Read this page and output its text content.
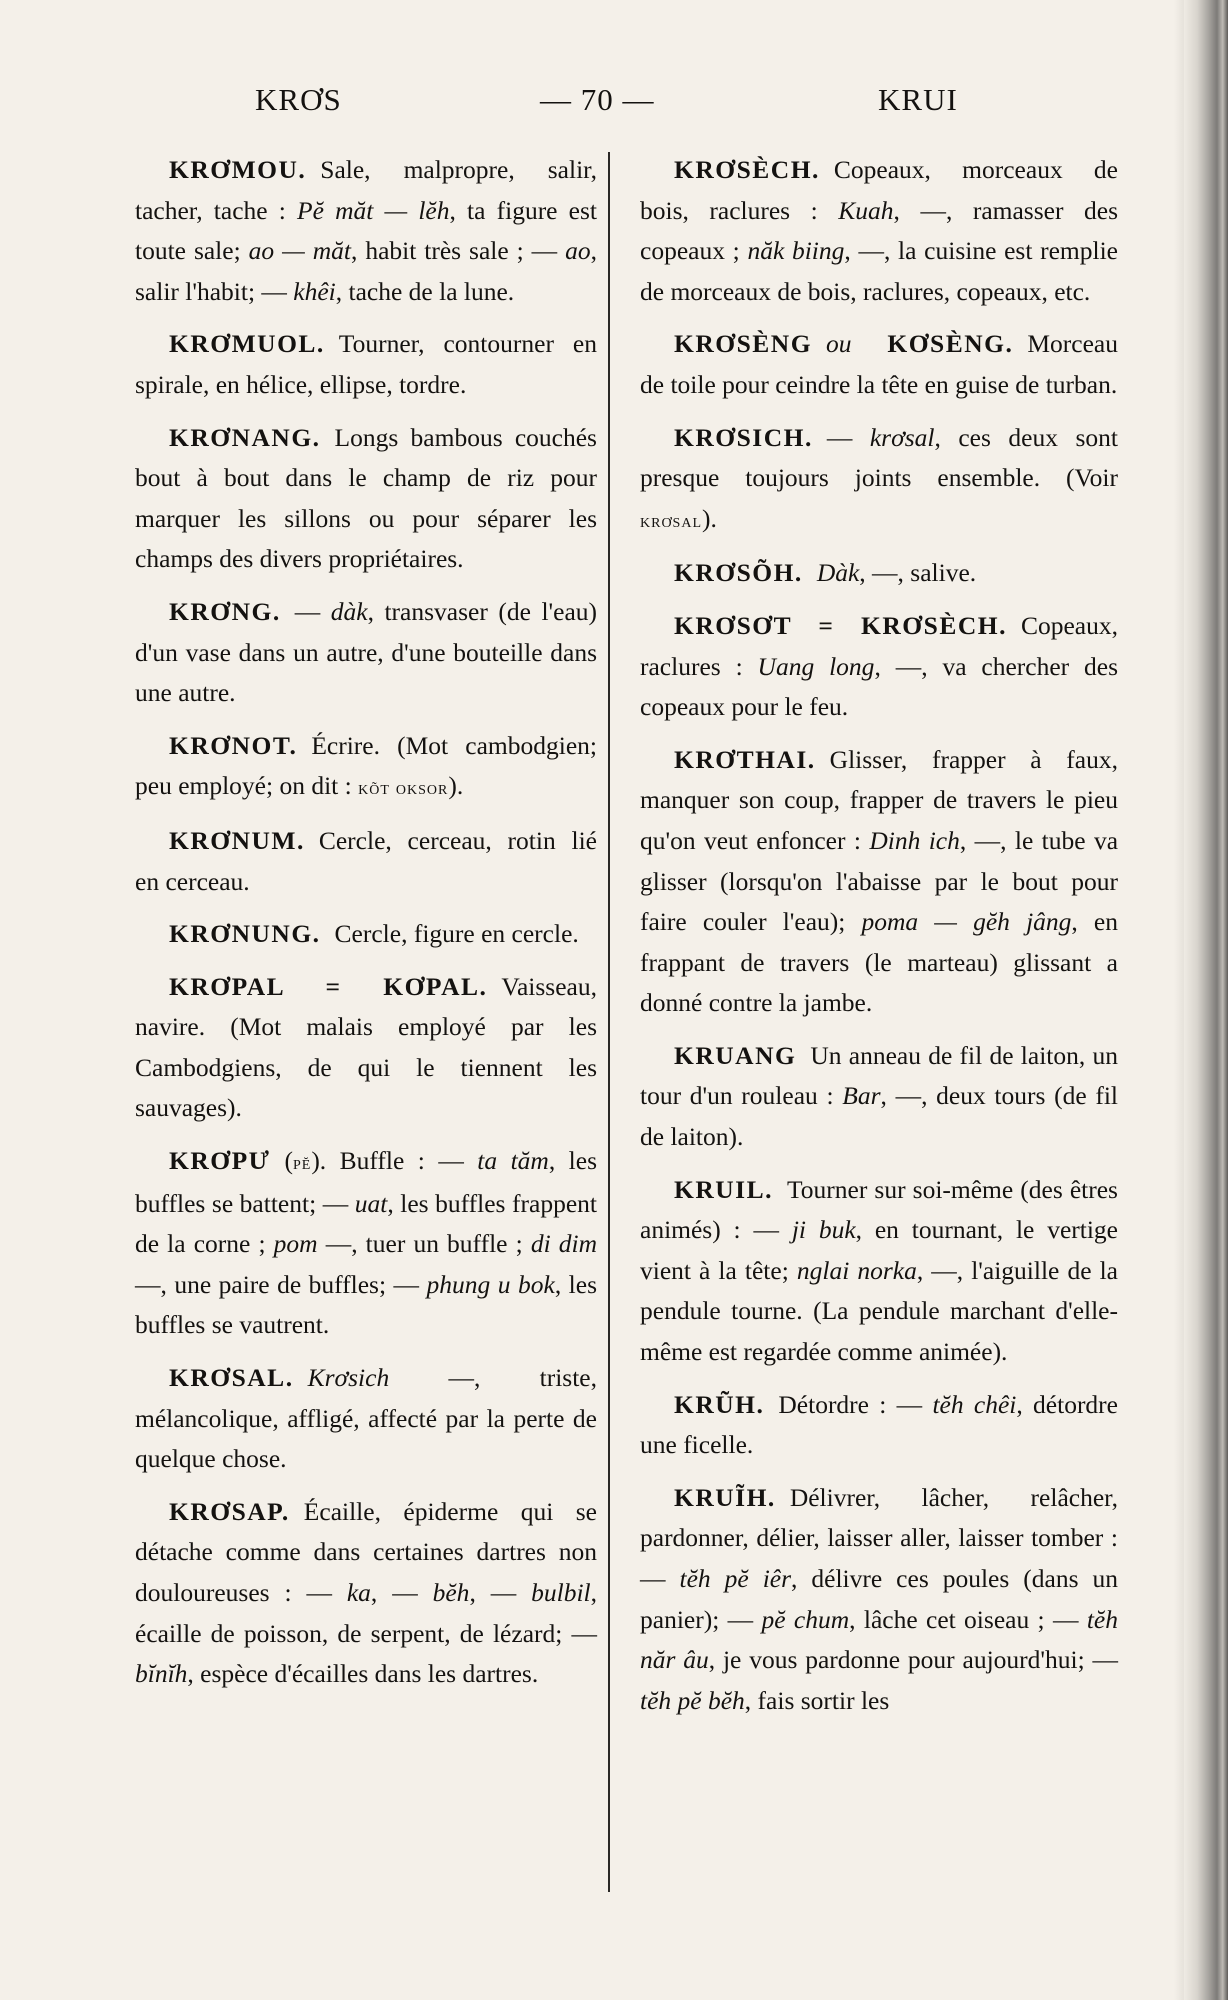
KRƠS	— 70 —	KRUI

KRƠMOU. Sale, malpropre, salir, tacher, tache : Pĕ măt — lĕh, ta figure est toute sale; ao — măt, habit très sale ; — ao, salir l'habit; — khêi, tache de la lune.

KRƠMUOL. Tourner, contourner en spirale, en hélice, ellipse, tordre.

KRƠNANG. Longs bambous couchés bout à bout dans le champ de riz pour marquer les sillons ou pour séparer les champs des divers propriétaires.

KRƠNG. — dàk, transvaser (de l'eau) d'un vase dans un autre, d'une bouteille dans une autre.

KRƠNOT. Écrire. (Mot cambodgien; peu employé; on dit : kõt oksor).

KRƠNUM. Cercle, cerceau, rotin lié en cerceau.

KRƠNUNG. Cercle, figure en cercle.

KRƠPAL = KƠPAL. Vaisseau, navire. (Mot malais employé par les Cambodgiens, de qui le tiennent les sauvages).

KRƠPƯ (pĕ). Buffle : — ta tăm, les buffles se battent; — uat, les buffles frappent de la corne ; pom —, tuer un buffle ; di dim —, une paire de buffles; — phung u bok, les buffles se vautrent.

KRƠSAL. Krơsich —, triste, mélancolique, affligé, affecté par la perte de quelque chose.

KRƠSAP. Écaille, épiderme qui se détache comme dans certaines dartres non douloureuses : — ka, — bĕh, — bulbil, écaille de poisson, de serpent, de lézard; — bĭnĭh, espèce d'écailles dans les dartres.

KRƠSÈCH. Copeaux, morceaux de bois, raclures : Kuah, —, ramasser des copeaux ; năk biing, —, la cuisine est remplie de morceaux de bois, raclures, copeaux, etc.

KRƠSÈNG ou KƠSÈNG. Morceau de toile pour ceindre la tête en guise de turban.

KRƠSICH. — krơsal, ces deux sont presque toujours joints ensemble. (Voir krơsal).

KRƠSÕH. Dàk, —, salive.

KRƠSƠT = KRƠSÈCH. Copeaux, raclures : Uang long, —, va chercher des copeaux pour le feu.

KRƠTHAI. Glisser, frapper à faux, manquer son coup, frapper de travers le pieu qu'on veut enfoncer : Dinh ich, —, le tube va glisser (lorsqu'on l'abaisse par le bout pour faire couler l'eau); poma — gĕh jâng, en frappant de travers (le marteau) glissant a donné contre la jambe.

KRUANG Un anneau de fil de laiton, un tour d'un rouleau : Bar, —, deux tours (de fil de laiton).

KRUIL. Tourner sur soi-même (des êtres animés) : — ji buk, en tournant, le vertige vient à la tête; nglai norka, —, l'aiguille de la pendule tourne. (La pendule marchant d'elle-même est regardée comme animée).

KRŨH. Détordre : — tĕh chêi, détordre une ficelle.

KRUĨH. Délivrer, lâcher, relâcher, pardonner, délier, laisser aller, laisser tomber : — tĕh pĕ iêr, délivre ces poules (dans un panier); — pĕ chum, lâche cet oiseau ; — tĕh năr âu, je vous pardonne pour aujourd'hui; — tĕh pĕ bĕh, fais sortir les
